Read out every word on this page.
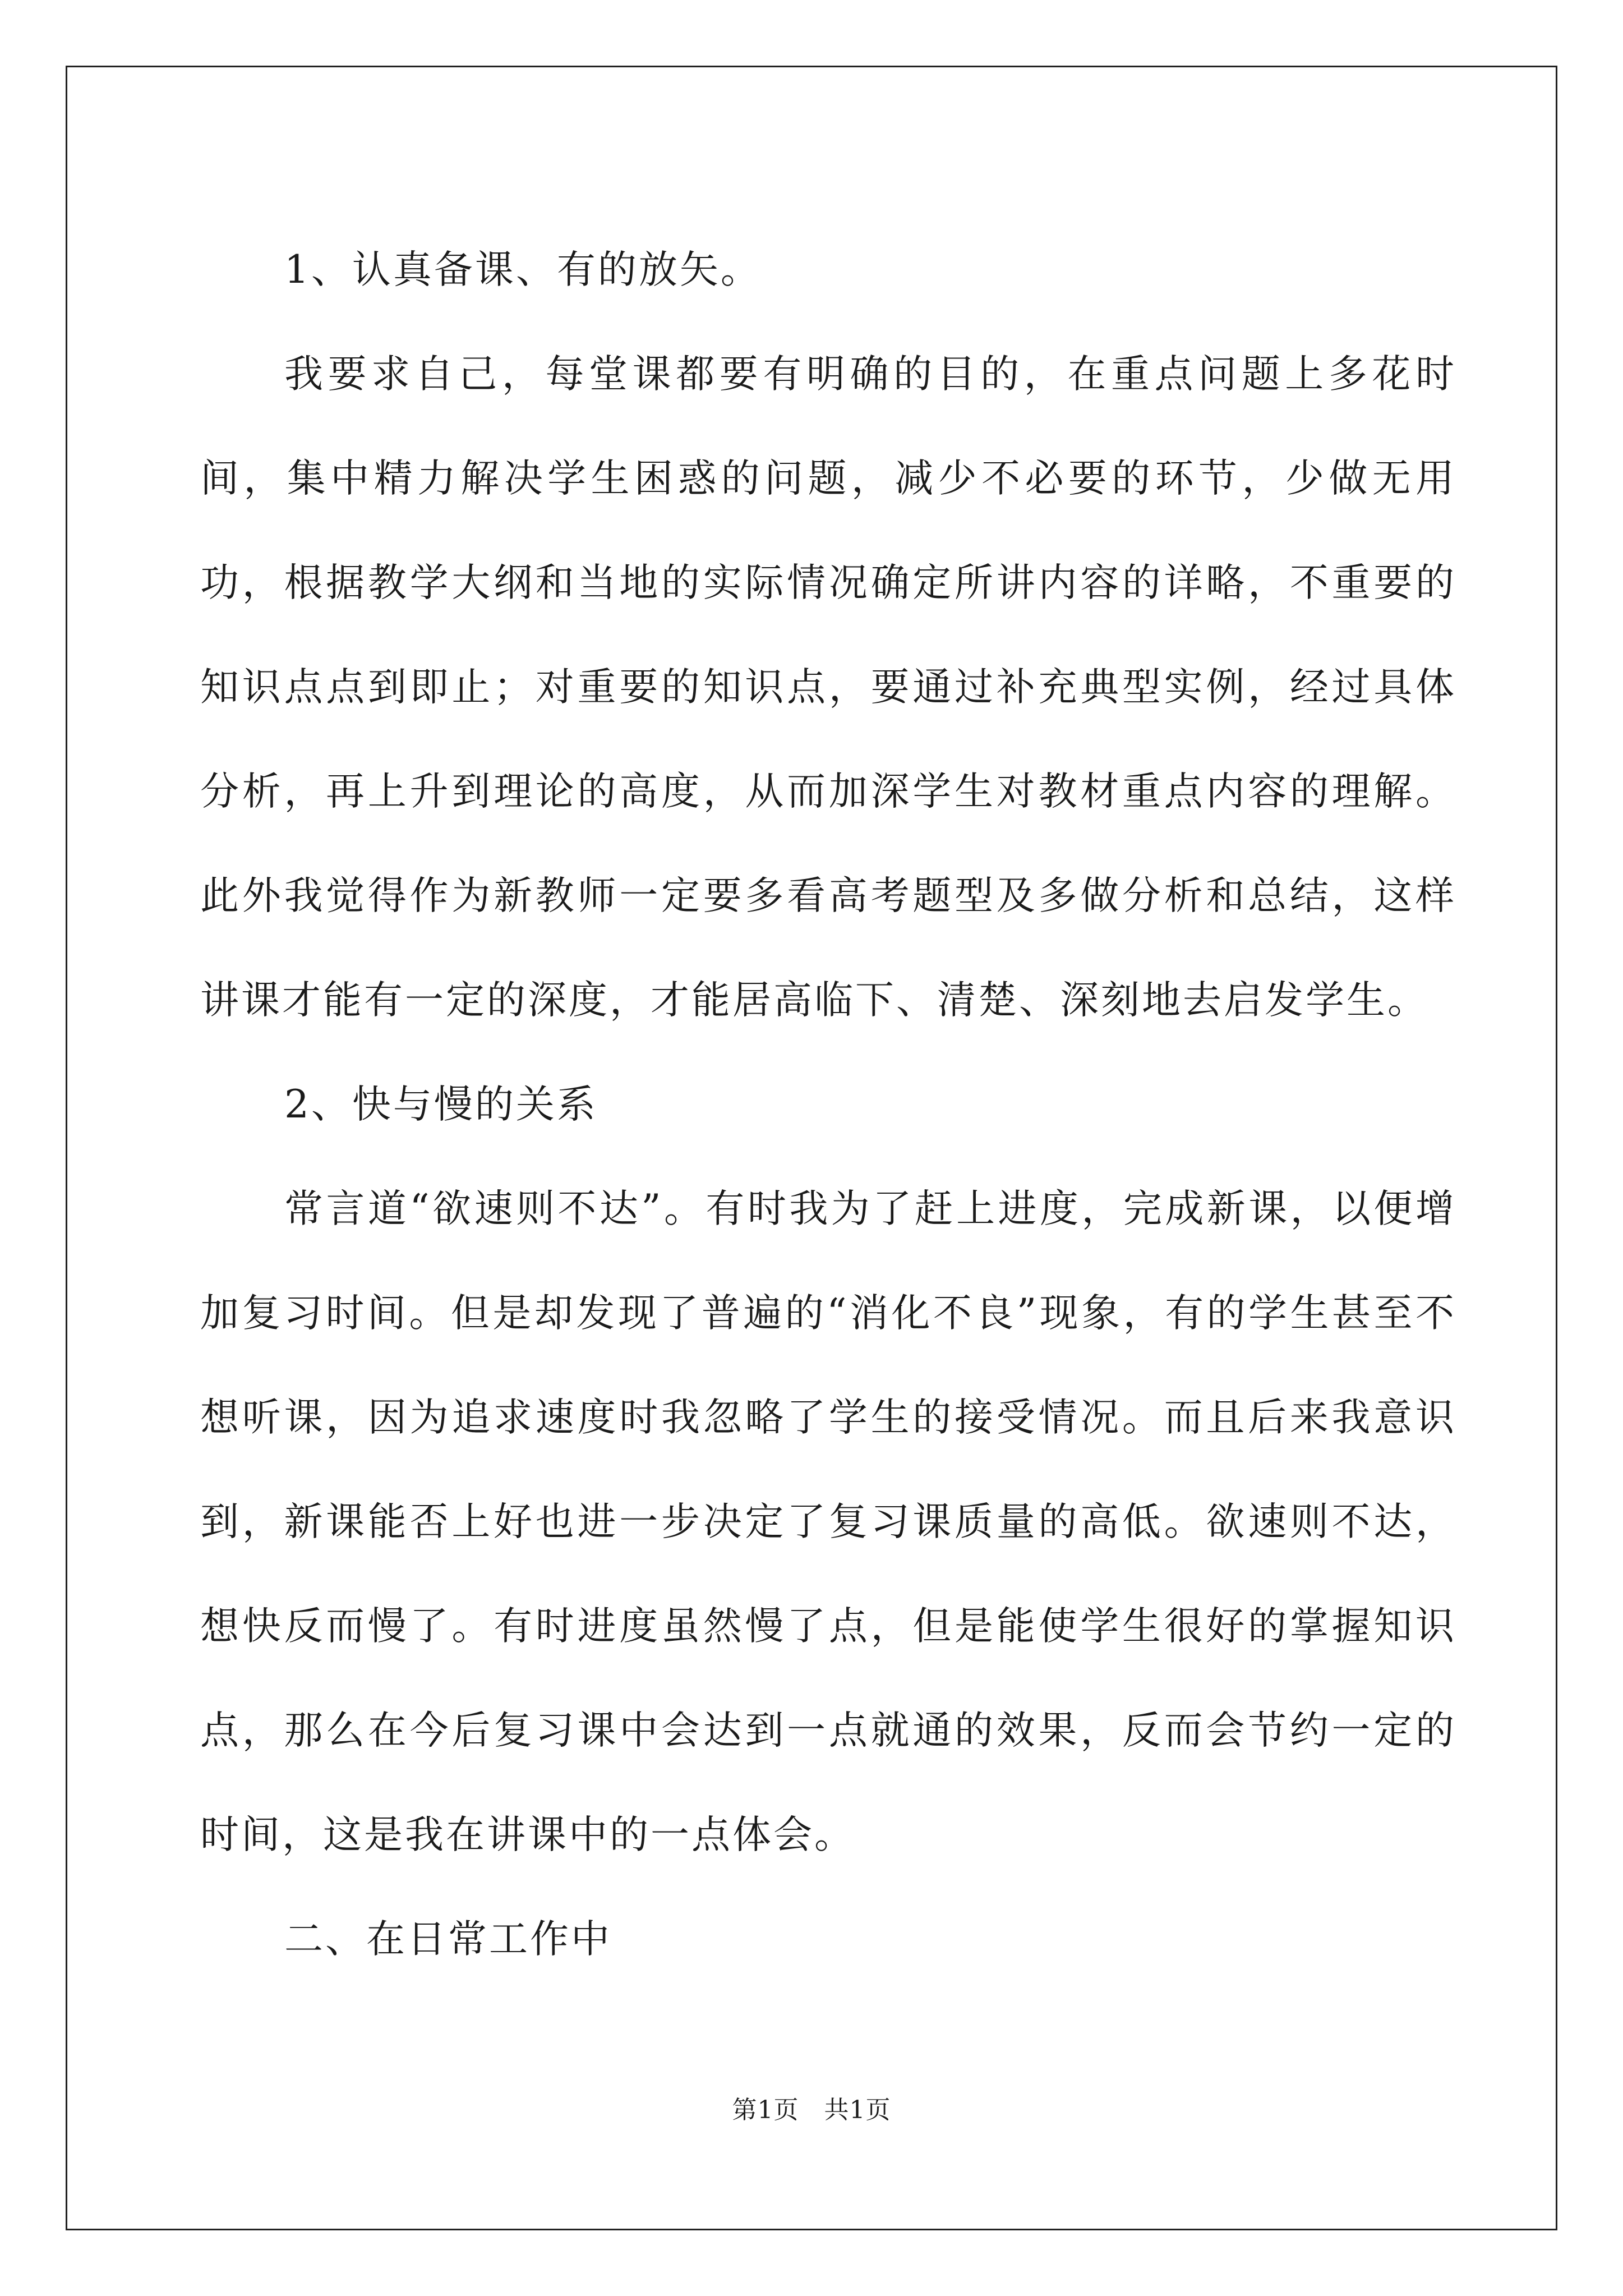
1、认真备课、有的放矢。

我要求自己，每堂课都要有明确的目的，在重点问题上多花时间，集中精力解决学生困惑的问题，减少不必要的环节，少做无用功，根据教学大纲和当地的实际情况确定所讲内容的详略，不重要的知识点点到即止；对重要的知识点，要通过补充典型实例，经过具体分析，再上升到理论的高度，从而加深学生对教材重点内容的理解。此外我觉得作为新教师一定要多看高考题型及多做分析和总结，这样讲课才能有一定的深度，才能居高临下、清楚、深刻地去启发学生。

2、快与慢的关系

常言道“欲速则不达”。有时我为了赶上进度，完成新课，以便增加复习时间。但是却发现了普遍的“消化不良”现象，有的学生甚至不想听课，因为追求速度时我忽略了学生的接受情况。而且后来我意识到，新课能否上好也进一步决定了复习课质量的高低。欲速则不达，想快反而慢了。有时进度虽然慢了点，但是能使学生很好的掌握知识点，那么在今后复习课中会达到一点就通的效果，反而会节约一定的时间，这是我在讲课中的一点体会。

二、在日常工作中

第1页　共1页
